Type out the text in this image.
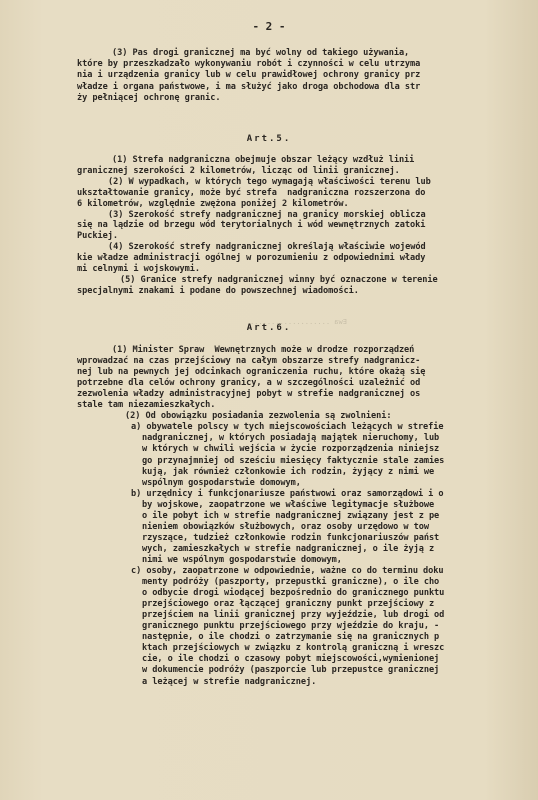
- 2 -
Ewa ...................
(3) Pas drogi granicznej ma być wolny od takiego używania,
które by przeszkadzało wykonywaniu robót i czynności w celu utrzyma
nia i urządzenia granicy lub w celu prawidłowej ochrony granicy prz
władze i organa państwowe, i ma służyć jako droga obchodowa dla str
ży pełniącej ochronę granic.
Art.5.
(1) Strefa nadgraniczna obejmuje obszar leżący wzdłuż linii
granicznej szerokości 2 kilometrów, licząc od linii granicznej.
(2) W wypadkach, w których tego wymagają właściwości terenu lub
ukształtowanie granicy, może być strefa  nadgraniczna rozszerzona do
6 kilometrów, względnie zwężona poniżej 2 kilometrów.
(3) Szerokość strefy nadgranicznej na granicy morskiej oblicza
się na lądzie od brzegu wód terytorialnych i wód wewnętrznych zatoki
Puckiej.
(4) Szerokość strefy nadgranicznej określają właściwie wojewód
kie władze administracji ogólnej w porozumieniu z odpowiednimi włady
mi celnymi i wojskowymi.
(5) Granice strefy nadgranicznej winny być oznaczone w terenie
specjalnymi znakami i podane do powszechnej wiadomości.
Art.6.
(1) Minister Spraw  Wewnętrznych może w drodze rozporządzeń
wprowadzać na czas przejściowy na całym obszarze strefy nadgranicz-
nej lub na pewnych jej odcinkach ograniczenia ruchu, które okażą się
potrzebne dla celów ochrony granicy, a w szczególności uzależnić od
zezwolenia władzy administracyjnej pobyt w strefie nadgranicznej os
stale tam niezamieszkałych.
(2) Od obowiązku posiadania zezwolenia są zwolnieni:
a) obywatele polscy w tych miejscowościach leżących w strefie
nadgranicznej, w których posiadają majątek nieruchomy, lub
w których w chwili wejścia w życie rozporządzenia niniejsz
go przynajmniej od sześciu miesięcy faktycznie stale zamies
kują, jak również członkowie ich rodzin, żyjący z nimi we
wspólnym gospodarstwie domowym,
b) urzędnicy i funkcjonariusze państwowi oraz samorządowi i o
by wojskowe, zaopatrzone we właściwe legitymacje służbowe
o ile pobyt ich w strefie nadgranicznej związany jest z pe
nieniem obowiązków służbowych, oraz osoby urzędowo w tow
rzyszące, tudzież członkowie rodzin funkcjonariuszów państ
wych, zamieszkałych w strefie nadgranicznej, o ile żyją z
nimi we wspólnym gospodarstwie domowym,
c) osoby, zaopatrzone w odpowiednie, ważne co do terminu doku
menty podróży (paszporty, przepustki graniczne), o ile cho
o odbycie drogi wiodącej bezpośrednio do granicznego punktu
przejściowego oraz łączącej graniczny punkt przejściowy z
przejściem na linii granicznej przy wyjeździe, lub drogi od
granicznego punktu przejściowego przy wjeździe do kraju, -
następnie, o ile chodzi o zatrzymanie się na granicznych p
ktach przejściowych w związku z kontrolą graniczną i wreszc
cie, o ile chodzi o czasowy pobyt miejscowości,wymienionej
w dokumencie podróży (paszporcie lub przepustce granicznej
a leżącej w strefie nadgranicznej.
